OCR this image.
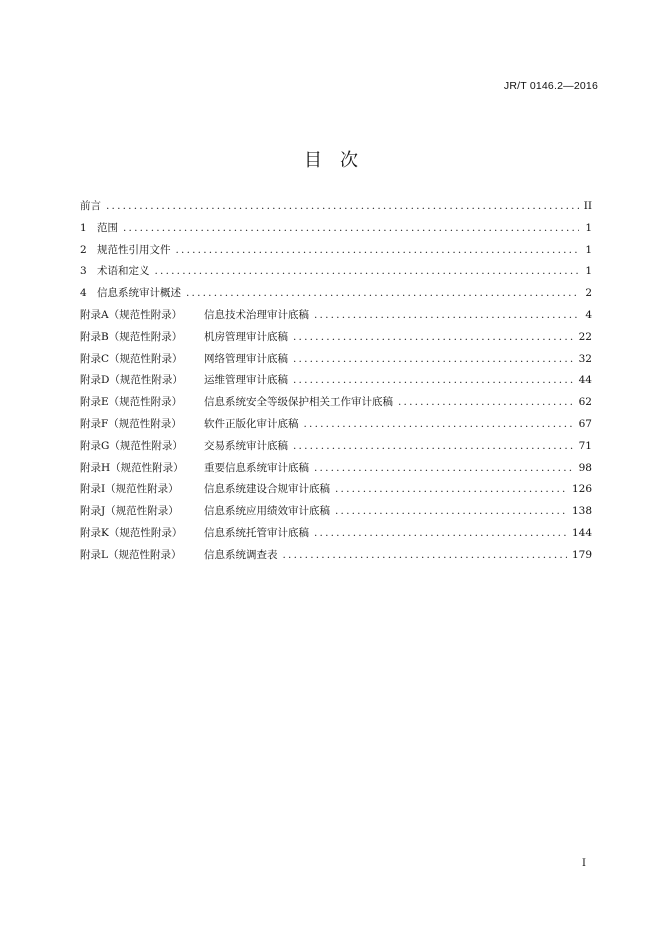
JR/T 0146.2—2016
目　次
前言 .....	II
1 范围 .....	1
2 规范性引用文件 .....	1
3 术语和定义 .....	1
4 信息系统审计概述 .....	2
附录A（规范性附录）	信息技术治理审计底稿 .....	4
附录B（规范性附录）	机房管理审计底稿 .....	22
附录C（规范性附录）	网络管理审计底稿 .....	32
附录D（规范性附录）	运维管理审计底稿 .....	44
附录E（规范性附录）	信息系统安全等级保护相关工作审计底稿 .....	62
附录F（规范性附录）	软件正版化审计底稿 .....	67
附录G（规范性附录）	交易系统审计底稿 .....	71
附录H（规范性附录）	重要信息系统审计底稿 .....	98
附录I（规范性附录）	信息系统建设合规审计底稿 .....	126
附录J（规范性附录）	信息系统应用绩效审计底稿 .....	138
附录K（规范性附录）	信息系统托管审计底稿 .....	144
附录L（规范性附录）	信息系统调查表 .....	179
I
